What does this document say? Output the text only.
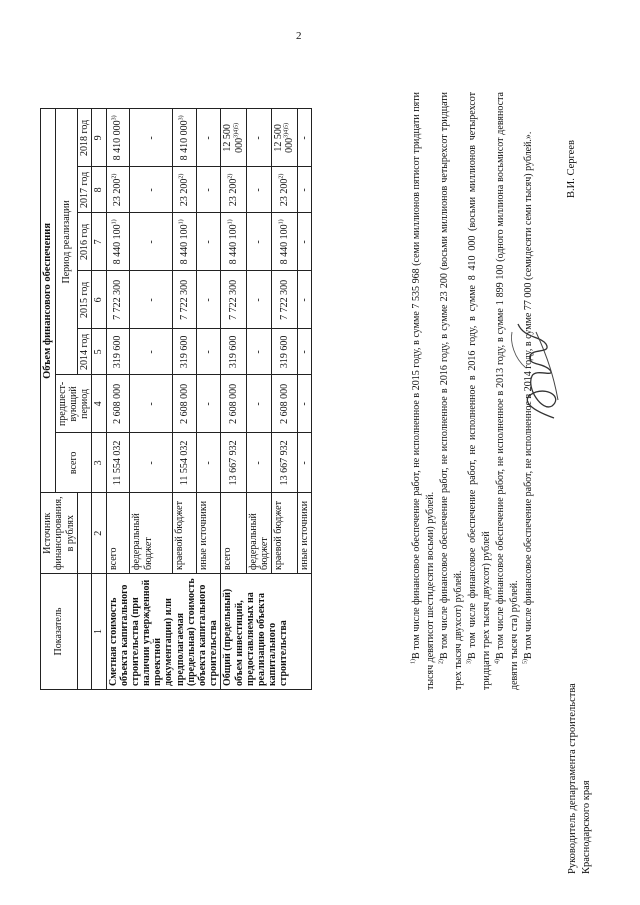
2
Показатель	Источник финансирования, в рублях	Объем финансового обеспечения						
		всего	предшест-вующий период	Период реализации				
				2014 год	2015 год	2016 год	2017 год	2018 год
1	2	3	4	5	6	7	8	9
Сметная стоимость объекта капитального строительства (при наличии утвержденной проектной документации) или предполагаемая (предельная) стоимость объекта капитального строительства	всего	11 554 032	2 608 000	319 600	7 722 300	8 440 100$^{1)}$	23 200$^{2)}$	8 410 000$^{3)}$
	федеральный бюджет	-	-	-	-	-	-	-
	краевой бюджет	11 554 032	2 608 000	319 600	7 722 300	8 440 100$^{1)}$	23 200$^{2)}$	8 410 000$^{3)}$
	иные источники	-	-	-	-	-	-	-
Общий (предельный) объем инвестиций, предоставляемых на реализацию объекта капитального строительства	всего	13 667 932	2 608 000	319 600	7 722 300	8 440 100$^{1)}$	23 200$^{2)}$	12 500 $000^{3)4)5)}$
	федеральный бюджет	-	-	-	-	-	-	-
	краевой бюджет	13 667 932	2 608 000	319 600	7 722 300	8 440 100$^{1)}$	23 200$^{2)}$	12 500 $000^{3)4)5)}$
	иные источники	-	-	-	-	-	-	-

$^{1)}$В том числе финансовое обеспечение работ, не исполненное в 2015 году, в сумме 7 535 968 (семи миллионов пятисот тридцати пяти тысяч девятисот шестидесяти восьми) рублей. $^{2)}$В том числе финансовое обеспечение работ, не исполненное в 2016 году, в сумме 23 200 (восьми миллионов четырехсот тридцати трех тысяч двухсот) рублей. $^{3)}$В том числе финансовое обеспечение работ, не исполненное в 2016 году, в сумме 8 410 000 (восьми миллионов четырехсот тридцати трех тысяч двухсот) рублей $^{4)}$В том числе финансовое обеспечение работ, не исполненное в 2013 году, в сумме 1 899 100 (одного миллиона восьмисот девяноста девяти тысяч ста) рублей. $^{5)}$В том числе финансовое обеспечение работ, не исполненное в 2014 году, в сумме 77 000 (семидесяти семи тысяч) рублей.».

Руководитель департамента строительства Краснодарского края
В.И. Сергеев
